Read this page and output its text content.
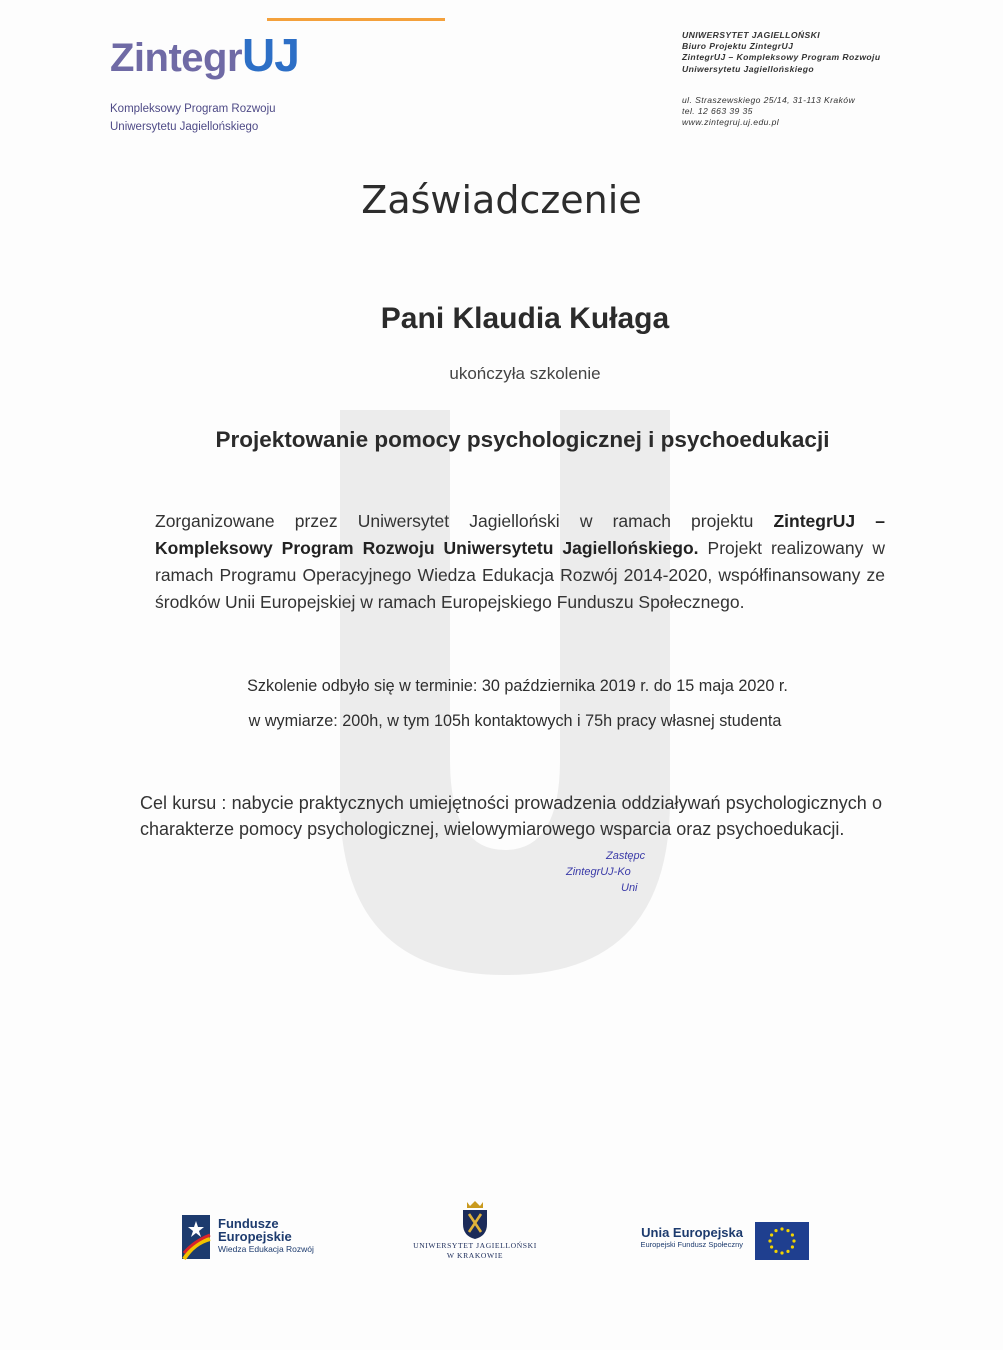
ZintegrUJ
Kompleksowy Program Rozwoju
Uniwersytetu Jagiellońskiego
UNIWERSYTET JAGIELLOŃSKI
Biuro Projektu ZintegrUJ
ZintegrUJ – Kompleksowy Program Rozwoju
Uniwersytetu Jagiellońskiego
ul. Straszewskiego 25/14, 31-113 Kraków
tel. 12 663 39 35
www.zintegruj.uj.edu.pl
Zaświadczenie
Pani Klaudia Kułaga
ukończyła szkolenie
Projektowanie pomocy psychologicznej i psychoedukacji
Zorganizowane przez Uniwersytet Jagielloński w ramach projektu ZintegrUJ – Kompleksowy Program Rozwoju Uniwersytetu Jagiellońskiego. Projekt realizowany w ramach Programu Operacyjnego Wiedza Edukacja Rozwój 2014-2020, współfinansowany ze środków Unii Europejskiej w ramach Europejskiego Funduszu Społecznego.
Szkolenie odbyło się w terminie: 30 października 2019 r. do 15 maja 2020 r.
w wymiarze: 200h, w tym 105h kontaktowych i 75h pracy własnej studenta
Cel kursu : nabycie praktycznych umiejętności prowadzenia oddziaływań psychologicznych o charakterze pomocy psychologicznej, wielowymiarowego wsparcia oraz psychoedukacji.
Zastępc
ZintegrUJ-Ko
Uni
Fundusze
Europejskie
Wiedza Edukacja Rozwój	UNIWERSYTET JAGIELLOŃSKI
W KRAKOWIE
Unia Europejska
Europejski Fundusz Społeczny
